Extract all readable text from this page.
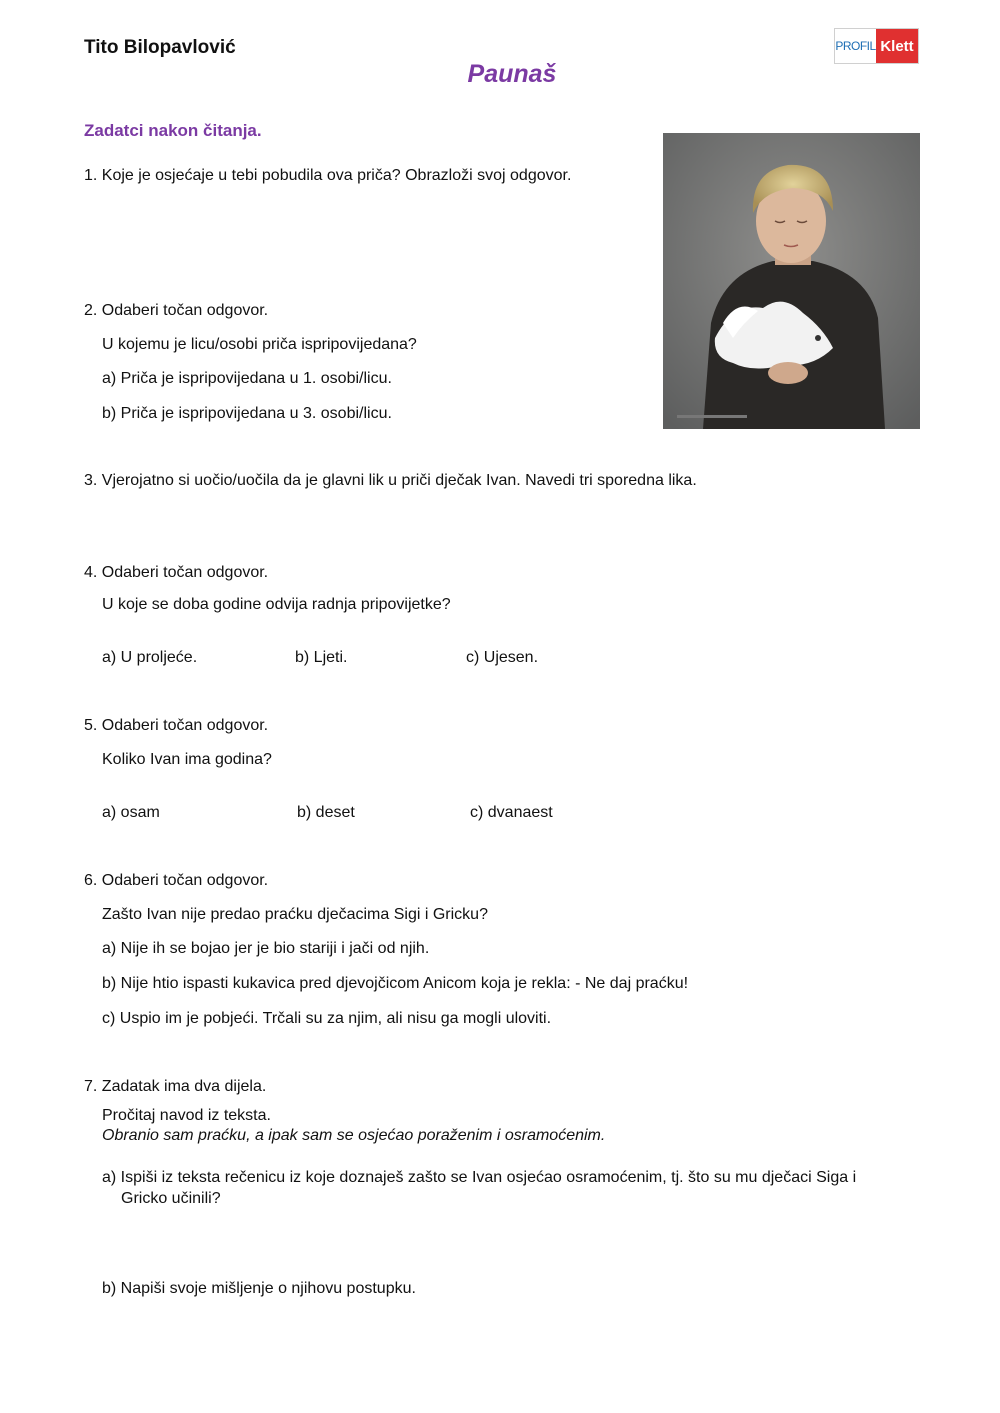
Tito Bilopavlović
Paunaš
PROFIL Klett
Zadatci nakon čitanja.
1. Koje je osjećaje u tebi pobudila ova priča? Obrazloži svoj odgovor.
2. Odaberi točan odgovor.
U kojemu je licu/osobi priča ispripovijedana?
a) Priča je ispripovijedana u 1. osobi/licu.
b) Priča je ispripovijedana u 3. osobi/licu.
3. Vjerojatno si uočio/uočila da je glavni lik u priči dječak Ivan. Navedi tri sporedna lika.
4. Odaberi točan odgovor.
U koje se doba godine odvija radnja pripovijetke?
a) U proljeće.	b) Ljeti.	c) Ujesen.
5. Odaberi točan odgovor.
Koliko Ivan ima godina?
a) osam	b) deset	c) dvanaest
6. Odaberi točan odgovor.
Zašto Ivan nije predao praćku dječacima Sigi i Gricku?
a) Nije ih se bojao jer je bio stariji i jači od njih.
b) Nije htio ispasti kukavica pred djevojčicom Anicom koja je rekla: - Ne daj praćku!
c) Uspio im je pobjeći. Trčali su za njim, ali nisu ga mogli uloviti.
7. Zadatak ima dva dijela.
Pročitaj navod iz teksta.
Obranio sam praćku, a ipak sam se osjećao poraženim i osramoćenim.
a) Ispiši iz teksta rečenicu iz koje doznaješ zašto se Ivan osjećao osramoćenim, tj. što su mu dječaci Siga i
Gricko učinili?
b) Napiši svoje mišljenje o njihovu postupku.
